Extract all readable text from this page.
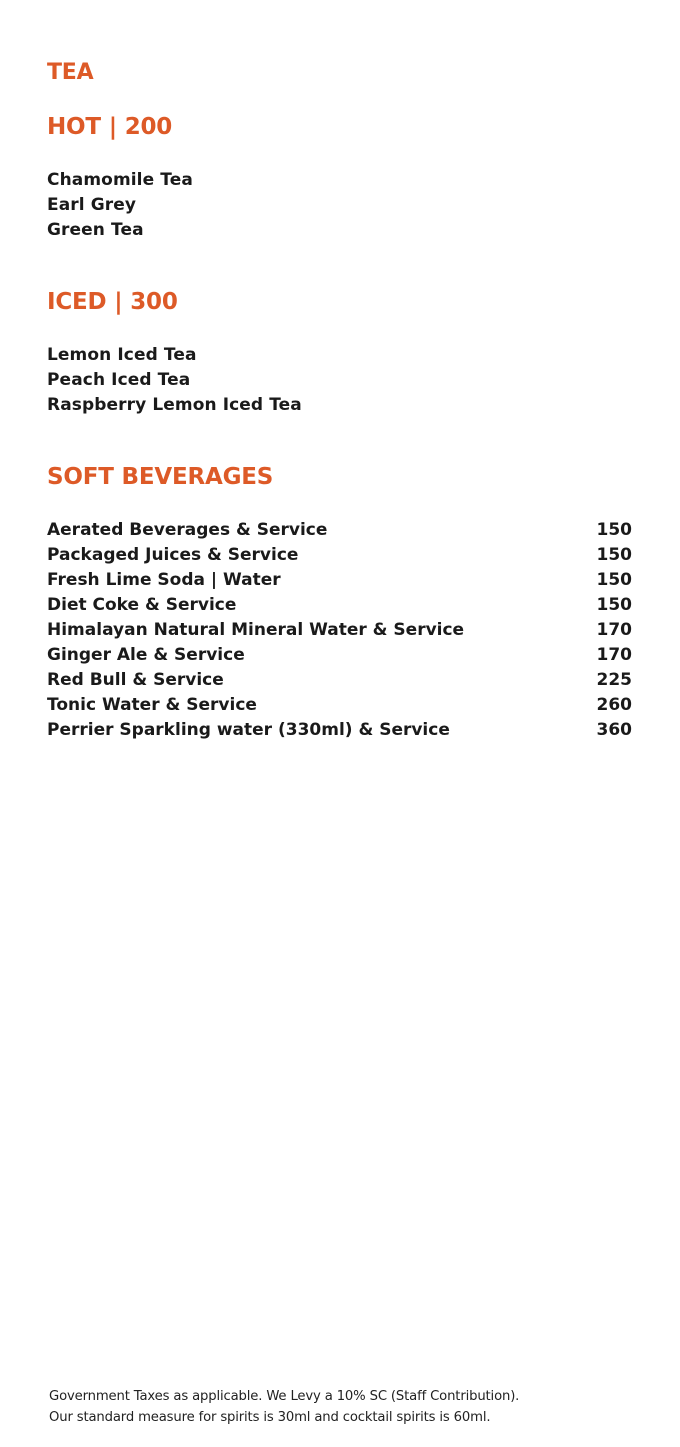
TEA
HOT | 200
Chamomile Tea
Earl Grey
Green Tea
ICED | 300
Lemon Iced Tea
Peach Iced Tea
Raspberry Lemon Iced Tea
SOFT BEVERAGES
Aerated Beverages & Service	150
Packaged Juices & Service	150
Fresh Lime Soda | Water	150
Diet Coke & Service	150
Himalayan Natural Mineral Water & Service	170
Ginger Ale & Service	170
Red Bull & Service	225
Tonic Water & Service	260
Perrier Sparkling water (330ml) & Service	360

Government Taxes as applicable. We Levy a 10% SC (Staff Contribution).

Our standard measure for spirits is 30ml and cocktail spirits is 60ml.
